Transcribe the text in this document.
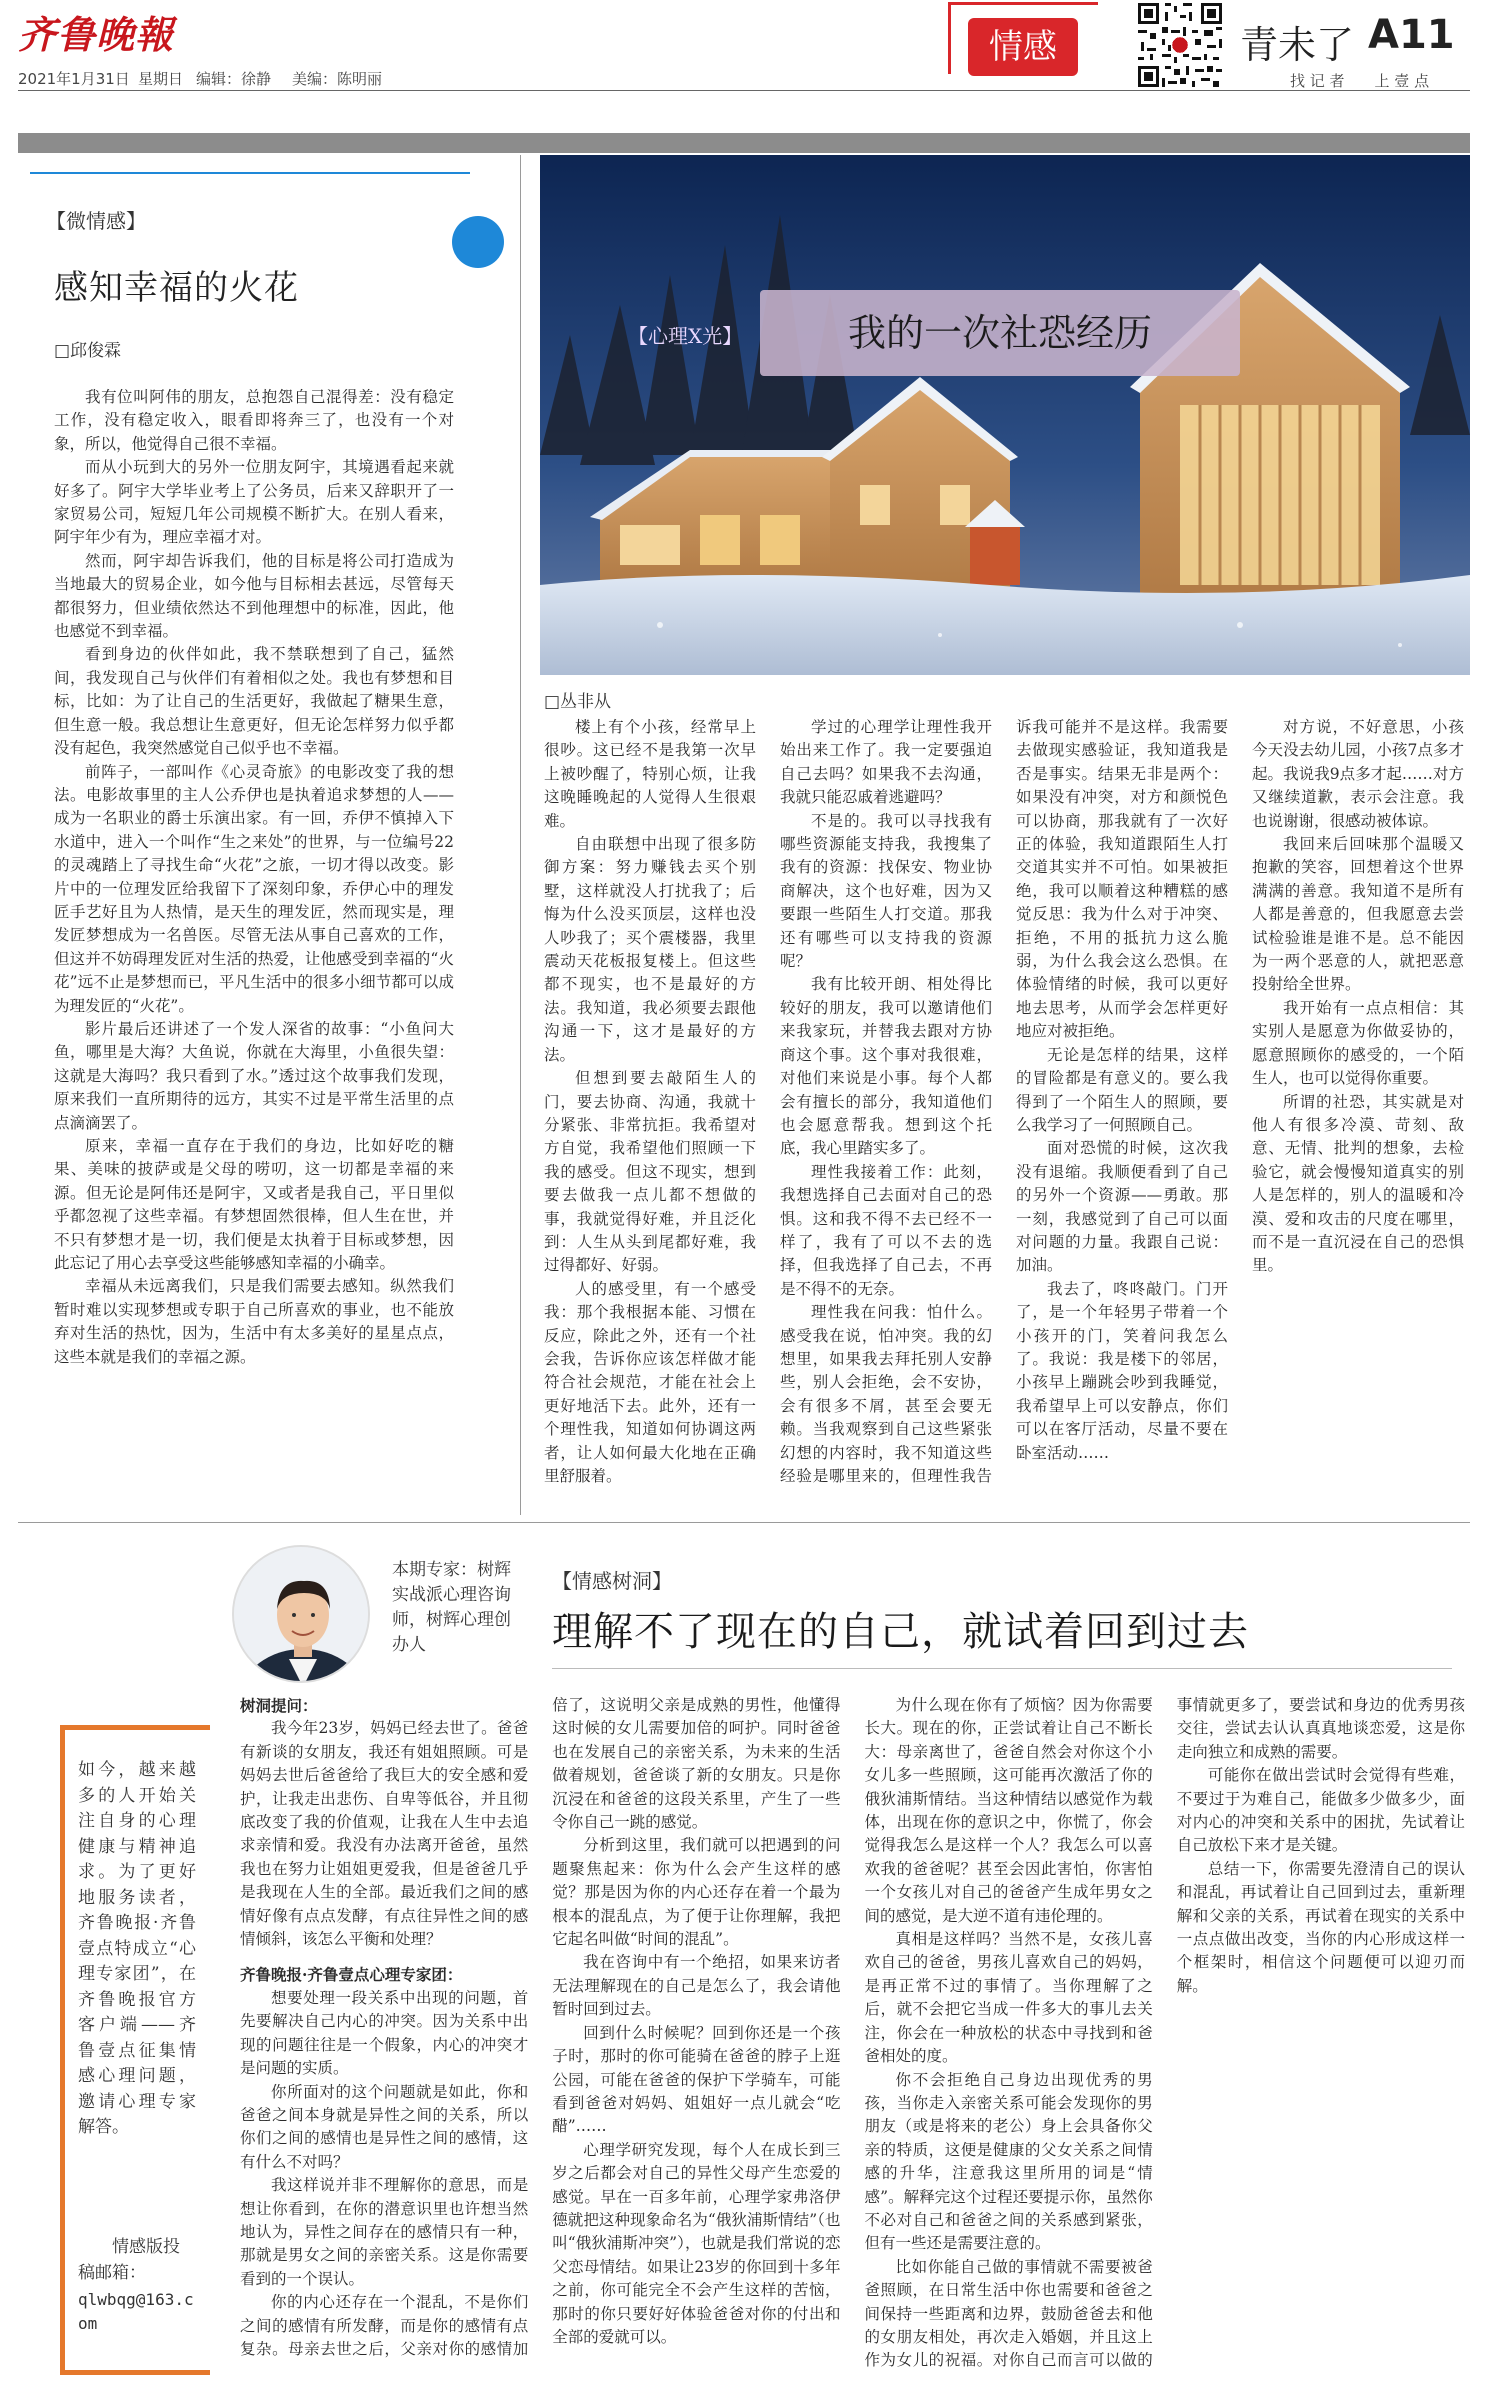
齐鲁晚報
2021年1月31日 星期日 编辑：徐静 美编：陈明丽
情感	青未了 A11
找 记 者　　上 壹 点
【微情感】
感知幸福的火花
□邱俊霖

我有位叫阿伟的朋友，总抱怨自己混得差：没有稳定工作，没有稳定收入，眼看即将奔三了，也没有一个对象，所以，他觉得自己很不幸福。

而从小玩到大的另外一位朋友阿宇，其境遇看起来就好多了。阿宇大学毕业考上了公务员，后来又辞职开了一家贸易公司，短短几年公司规模不断扩大。在别人看来，阿宇年少有为，理应幸福才对。

然而，阿宇却告诉我们，他的目标是将公司打造成为当地最大的贸易企业，如今他与目标相去甚远，尽管每天都很努力，但业绩依然达不到他理想中的标准，因此，他也感觉不到幸福。

看到身边的伙伴如此，我不禁联想到了自己，猛然间，我发现自己与伙伴们有着相似之处。我也有梦想和目标，比如：为了让自己的生活更好，我做起了糖果生意，但生意一般。我总想让生意更好，但无论怎样努力似乎都没有起色，我突然感觉自己似乎也不幸福。

前阵子，一部叫作《心灵奇旅》的电影改变了我的想法。电影故事里的主人公乔伊也是执着追求梦想的人——成为一名职业的爵士乐演出家。有一回，乔伊不慎掉入下水道中，进入一个叫作“生之来处”的世界，与一位编号22的灵魂踏上了寻找生命“火花”之旅，一切才得以改变。影片中的一位理发匠给我留下了深刻印象，乔伊心中的理发匠手艺好且为人热情，是天生的理发匠，然而现实是，理发匠梦想成为一名兽医。尽管无法从事自己喜欢的工作，但这并不妨碍理发匠对生活的热爱，让他感受到幸福的“火花”远不止是梦想而已，平凡生活中的很多小细节都可以成为理发匠的“火花”。

影片最后还讲述了一个发人深省的故事：“小鱼问大鱼，哪里是大海？大鱼说，你就在大海里，小鱼很失望：这就是大海吗？我只看到了水。”透过这个故事我们发现，原来我们一直所期待的远方，其实不过是平常生活里的点点滴滴罢了。

原来，幸福一直存在于我们的身边，比如好吃的糖果、美味的披萨或是父母的唠叨，这一切都是幸福的来源。但无论是阿伟还是阿宇，又或者是我自己，平日里似乎都忽视了这些幸福。有梦想固然很棒，但人生在世，并不只有梦想才是一切，我们便是太执着于目标或梦想，因此忘记了用心去享受这些能够感知幸福的小确幸。

幸福从未远离我们，只是我们需要去感知。纵然我们暂时难以实现梦想或专职于自己所喜欢的事业，也不能放弃对生活的热忱，因为，生活中有太多美好的星星点点，这些本就是我们的幸福之源。

【心理X光】	我的一次社恐经历
□丛非从

楼上有个小孩，经常早上很吵。这已经不是我第一次早上被吵醒了，特别心烦，让我这晚睡晚起的人觉得人生很艰难。

自由联想中出现了很多防御方案：努力赚钱去买个别墅，这样就没人打扰我了；后悔为什么没买顶层，这样也没人吵我了；买个震楼器，我里震动天花板报复楼上。但这些都不现实，也不是最好的方法。我知道，我必须要去跟他沟通一下，这才是最好的方法。

但想到要去敲陌生人的门，要去协商、沟通，我就十分紧张、非常抗拒。我希望对方自觉，我希望他们照顾一下我的感受。但这不现实，想到要去做我一点儿都不想做的事，我就觉得好难，并且泛化到：人生从头到尾都好难，我过得都好、好弱。

人的感受里，有一个感受我：那个我根据本能、习惯在反应，除此之外，还有一个社会我，告诉你应该怎样做才能符合社会规范，才能在社会上更好地活下去。此外，还有一个理性我，知道如何协调这两者，让人如何最大化地在正确里舒服着。

学过的心理学让理性我开始出来工作了。我一定要强迫自己去吗？如果我不去沟通，我就只能忍戚着逃避吗？

不是的。我可以寻找我有哪些资源能支持我，我搜集了我有的资源：找保安、物业协商解决，这个也好难，因为又要跟一些陌生人打交道。那我还有哪些可以支持我的资源呢？

我有比较开朗、相处得比较好的朋友，我可以邀请他们来我家玩，并替我去跟对方协商这个事。这个事对我很难，对他们来说是小事。每个人都会有擅长的部分，我知道他们也会愿意帮我。想到这个托底，我心里踏实多了。

理性我接着工作：此刻，我想选择自己去面对自己的恐惧。这和我不得不去已经不一样了，我有了可以不去的选择，但我选择了自己去，不再是不得不的无奈。

理性我在问我：怕什么。感受我在说，怕冲突。我的幻想里，如果我去拜托别人安静些，别人会拒绝，会不安协，会有很多不屑，甚至会要无赖。当我观察到自己这些紧张幻想的内容时，我不知道这些经验是哪里来的，但理性我告诉我可能并不是这样。我需要去做现实感验证，我知道我是否是事实。结果无非是两个：如果没有冲突，对方和颜悦色可以协商，那我就有了一次好正的体验，我知道跟陌生人打交道其实并不可怕。如果被拒绝，我可以顺着这种糟糕的感觉反思：我为什么对于冲突、拒绝，不用的抵抗力这么脆弱，为什么我会这么恐惧。在体验情绪的时候，我可以更好地去思考，从而学会怎样更好地应对被拒绝。

无论是怎样的结果，这样的冒险都是有意义的。要么我得到了一个陌生人的照顾，要么我学习了一何照顾自己。

面对恐慌的时候，这次我没有退缩。我顺便看到了自己的另外一个资源——勇敢。那一刻，我感觉到了自己可以面对问题的力量。我跟自己说：加油。

我去了，咚咚敲门。门开了，是一个年轻男子带着一个小孩开的门，笑着问我怎么了。我说：我是楼下的邻居，小孩早上蹦跳会吵到我睡觉，我希望早上可以安静点，你们可以在客厅活动，尽量不要在卧室活动……

对方说，不好意思，小孩今天没去幼儿园，小孩7点多才起。我说我9点多才起……对方又继续道歉，表示会注意。我也说谢谢，很感动被体谅。

我回来后回味那个温暖又抱歉的笑容，回想着这个世界满满的善意。我知道不是所有人都是善意的，但我愿意去尝试检验谁是谁不是。总不能因为一两个恶意的人，就把恶意投射给全世界。

我开始有一点点相信：其实别人是愿意为你做妥协的，愿意照顾你的感受的，一个陌生人，也可以觉得你重要。

所谓的社恐，其实就是对他人有很多冷漠、苛刻、敌意、无情、批判的想象，去检验它，就会慢慢知道真实的别人是怎样的，别人的温暖和冷漠、爱和攻击的尺度在哪里，而不是一直沉浸在自己的恐惧里。

本期专家：树辉 实战派心理咨询师，树辉心理创办人
【情感树洞】
理解不了现在的自己，就试着回到过去
如今，越来越多的人开始关注自身的心理健康与精神追求。为了更好地服务读者，齐鲁晚报·齐鲁壹点特成立“心理专家团”，在齐鲁晚报官方客户端——齐鲁壹点征集情感心理问题，邀请心理专家解答。
情感版投稿邮箱：
qlwbqg@163.com

树洞提问：

我今年23岁，妈妈已经去世了。爸爸有新谈的女朋友，我还有姐姐照顾。可是妈妈去世后爸爸给了我巨大的安全感和爱护，让我走出悲伤、自卑等低谷，并且彻底改变了我的价值观，让我在人生中去追求亲情和爱。我没有办法离开爸爸，虽然我也在努力让姐姐更爱我，但是爸爸几乎是我现在人生的全部。最近我们之间的感情好像有点点发酵，有点往异性之间的感情倾斜，该怎么平衡和处理？

齐鲁晚报·齐鲁壹点心理专家团：

想要处理一段关系中出现的问题，首先要解决自己内心的冲突。因为关系中出现的问题往往是一个假象，内心的冲突才是问题的实质。

你所面对的这个问题就是如此，你和爸爸之间本身就是异性之间的关系，所以你们之间的感情也是异性之间的感情，这有什么不对吗？

我这样说并非不理解你的意思，而是想让你看到，在你的潜意识里也许想当然地认为，异性之间存在的感情只有一种，那就是男女之间的亲密关系。这是你需要看到的一个误认。

你的内心还存在一个混乱，不是你们之间的感情有所发酵，而是你的感情有点复杂。母亲去世之后，父亲对你的感情加倍了，这说明父亲是成熟的男性，他懂得这时候的女儿需要加倍的呵护。同时爸爸也在发展自己的亲密关系，为未来的生活做着规划，爸爸谈了新的女朋友。只是你沉浸在和爸爸的这段关系里，产生了一些令你自己一跳的感觉。

分析到这里，我们就可以把遇到的问题聚焦起来：你为什么会产生这样的感觉？那是因为你的内心还存在着一个最为根本的混乱点，为了便于让你理解，我把它起名叫做“时间的混乱”。

我在咨询中有一个绝招，如果来访者无法理解现在的自己是怎么了，我会请他暂时回到过去。

回到什么时候呢？回到你还是一个孩子时，那时的你可能骑在爸爸的脖子上逛公园，可能在爸爸的保护下学骑车，可能看到爸爸对妈妈、姐姐好一点儿就会“吃醋”……

心理学研究发现，每个人在成长到三岁之后都会对自己的异性父母产生恋爱的感觉。早在一百多年前，心理学家弗洛伊德就把这种现象命名为“俄狄浦斯情结”（也叫“俄狄浦斯冲突”），也就是我们常说的恋父恋母情结。如果让23岁的你回到十多年之前，你可能完全不会产生这样的苦恼，那时的你只要好好体验爸爸对你的付出和全部的爱就可以。

为什么现在你有了烦恼？因为你需要长大。现在的你，正尝试着让自己不断长大：母亲离世了，爸爸自然会对你这个小女儿多一些照顾，这可能再次激活了你的俄狄浦斯情结。当这种情结以感觉作为载体，出现在你的意识之中，你慌了，你会觉得我怎么是这样一个人？我怎么可以喜欢我的爸爸呢？甚至会因此害怕，你害怕一个女孩儿对自己的爸爸产生成年男女之间的感觉，是大逆不道有违伦理的。

真相是这样吗？当然不是，女孩儿喜欢自己的爸爸，男孩儿喜欢自己的妈妈，是再正常不过的事情了。当你理解了之后，就不会把它当成一件多大的事儿去关注，你会在一种放松的状态中寻找到和爸爸相处的度。

你不会拒绝自己身边出现优秀的男孩，当你走入亲密关系可能会发现你的男朋友（或是将来的老公）身上会具备你父亲的特质，这便是健康的父女关系之间情感的升华，注意我这里所用的词是“情感”。解释完这个过程还要提示你，虽然你不必对自己和爸爸之间的关系感到紧张，但有一些还是需要注意的。

比如你能自己做的事情就不需要被爸爸照顾，在日常生活中你也需要和爸爸之间保持一些距离和边界，鼓励爸爸去和他的女朋友相处，再次走入婚姻，并且这上作为女儿的祝福。对你自己而言可以做的事情就更多了，要尝试和身边的优秀男孩交往，尝试去认认真真地谈恋爱，这是你走向独立和成熟的需要。

可能你在做出尝试时会觉得有些难，不要过于为难自己，能做多少做多少，面对内心的冲突和关系中的困扰，先试着让自己放松下来才是关键。

总结一下，你需要先澄清自己的误认和混乱，再试着让自己回到过去，重新理解和父亲的关系，再试着在现实的关系中一点点做出改变，当你的内心形成这样一个框架时，相信这个问题便可以迎刃而解。
